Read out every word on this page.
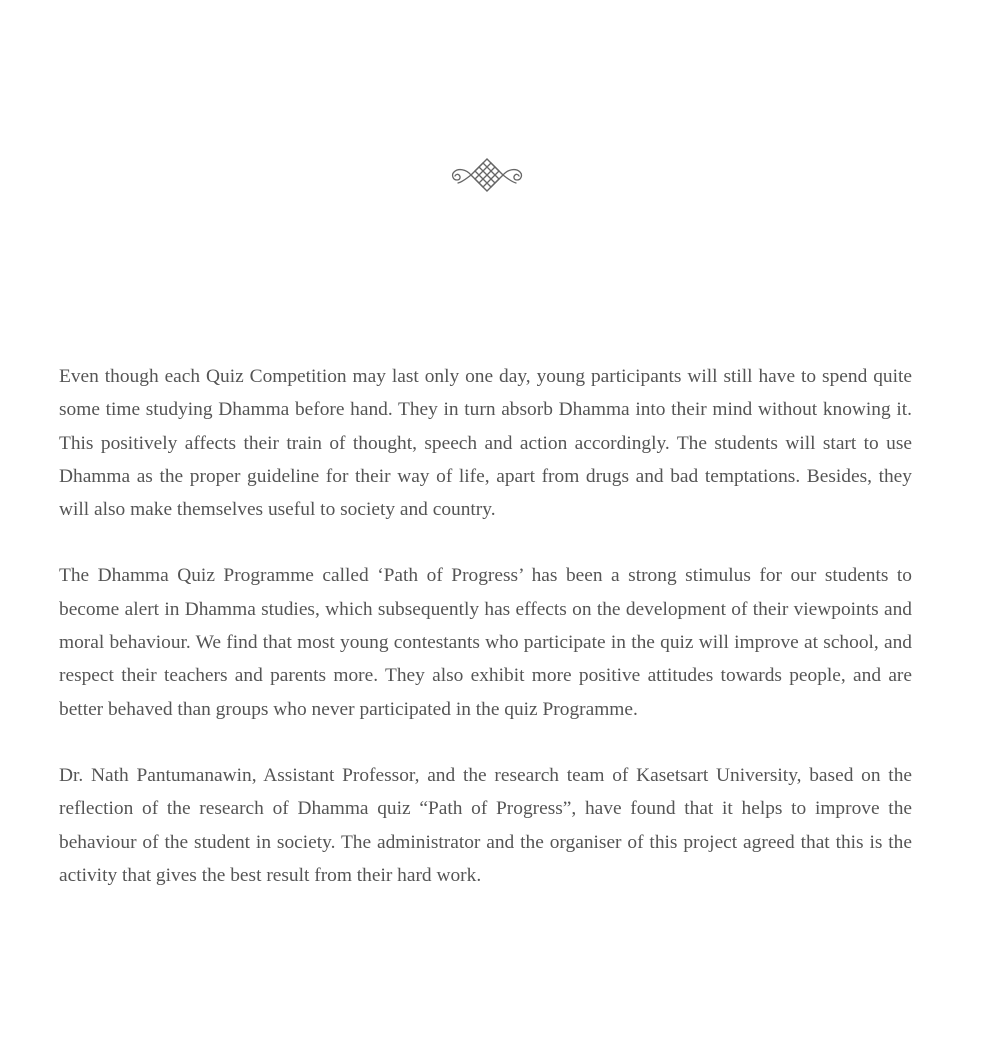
Even though each Quiz Competition may last only one day, young participants will still have to spend quite some time studying Dhamma before hand. They in turn absorb Dhamma into their mind without knowing it. This positively affects their train of thought, speech and action accordingly. The students will start to use Dhamma as the proper guideline for their way of life, apart from drugs and bad temptations. Besides, they will also make themselves useful to society and country.

The Dhamma Quiz Programme called ‘Path of Progress’ has been a strong stimulus for our students to become alert in Dhamma studies, which subsequently has effects on the development of their viewpoints and moral behaviour. We find that most young contestants who participate in the quiz will improve at school, and respect their teachers and parents more. They also exhibit more positive attitudes towards people, and are better behaved than groups who never participated in the quiz Programme.

Dr. Nath Pantumanawin, Assistant Professor, and the research team of Kasetsart University, based on the reflection of the research of Dhamma quiz “Path of Progress”, have found that it helps to improve the behaviour of the student in society. The administrator and the organiser of this project agreed that this is the activity that gives the best result from their hard work.
